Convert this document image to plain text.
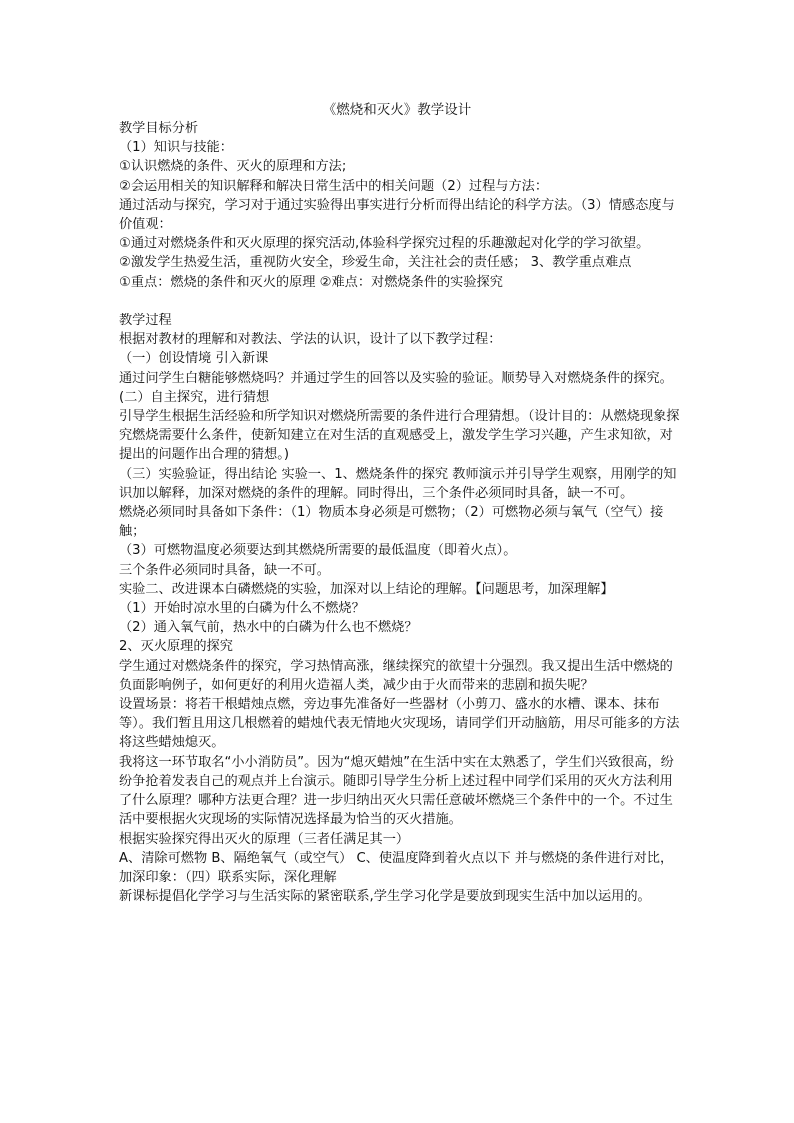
《燃烧和灭火》教学设计

教学目标分析

（1）知识与技能：

①认识燃烧的条件、灭火的原理和方法;

②会运用相关的知识解释和解决日常生活中的相关问题（2）过程与方法：

通过活动与探究，学习对于通过实验得出事实进行分析而得出结论的科学方法。（3）情感态度与价值观：

①通过对燃烧条件和灭火原理的探究活动,体验科学探究过程的乐趣激起对化学的学习欲望。

②激发学生热爱生活，重视防火安全，珍爱生命，关注社会的责任感； 3、教学重点难点

①重点：燃烧的条件和灭火的原理 ②难点：对燃烧条件的实验探究

教学过程

根据对教材的理解和对教法、学法的认识，设计了以下教学过程：

（一）创设情境 引入新课

通过问学生白糖能够燃烧吗？并通过学生的回答以及实验的验证。顺势导入对燃烧条件的探究。

(二）自主探究，进行猜想

引导学生根据生活经验和所学知识对燃烧所需要的条件进行合理猜想。（设计目的：从燃烧现象探究燃烧需要什么条件，使新知建立在对生活的直观感受上，激发学生学习兴趣，产生求知欲，对提出的问题作出合理的猜想。)

（三）实验验证，得出结论 实验一、1、燃烧条件的探究 教师演示并引导学生观察，用刚学的知识加以解释，加深对燃烧的条件的理解。同时得出，三个条件必须同时具备，缺一不可。

燃烧必须同时具备如下条件：（1）物质本身必须是可燃物；（2）可燃物必须与氧气（空气）接触；

（3）可燃物温度必须要达到其燃烧所需要的最低温度（即着火点）。

三个条件必须同时具备，缺一不可。

实验二、改进课本白磷燃烧的实验，加深对以上结论的理解。【问题思考，加深理解】

（1）开始时凉水里的白磷为什么不燃烧？

（2）通入氧气前，热水中的白磷为什么也不燃烧？

2、灭火原理的探究

学生通过对燃烧条件的探究，学习热情高涨，继续探究的欲望十分强烈。我又提出生活中燃烧的负面影响例子，如何更好的利用火造福人类，减少由于火而带来的悲剧和损失呢？

设置场景：将若干根蜡烛点燃，旁边事先准备好一些器材（小剪刀、盛水的水槽、课本、抹布等）。我们暂且用这几根燃着的蜡烛代表无情地火灾现场，请同学们开动脑筋，用尽可能多的方法将这些蜡烛熄灭。

我将这一环节取名“小小消防员”。因为“熄灭蜡烛”在生活中实在太熟悉了，学生们兴致很高，纷纷争抢着发表自己的观点并上台演示。随即引导学生分析上述过程中同学们采用的灭火方法利用了什么原理？哪种方法更合理？进一步归纳出灭火只需任意破坏燃烧三个条件中的一个。不过生活中要根据火灾现场的实际情况选择最为恰当的灭火措施。

根据实验探究得出灭火的原理（三者任满足其一）

A、清除可燃物 B、隔绝氧气（或空气） C、使温度降到着火点以下 并与燃烧的条件进行对比，加深印象：（四）联系实际，深化理解

新课标提倡化学学习与生活实际的紧密联系,学生学习化学是要放到现实生活中加以运用的。
